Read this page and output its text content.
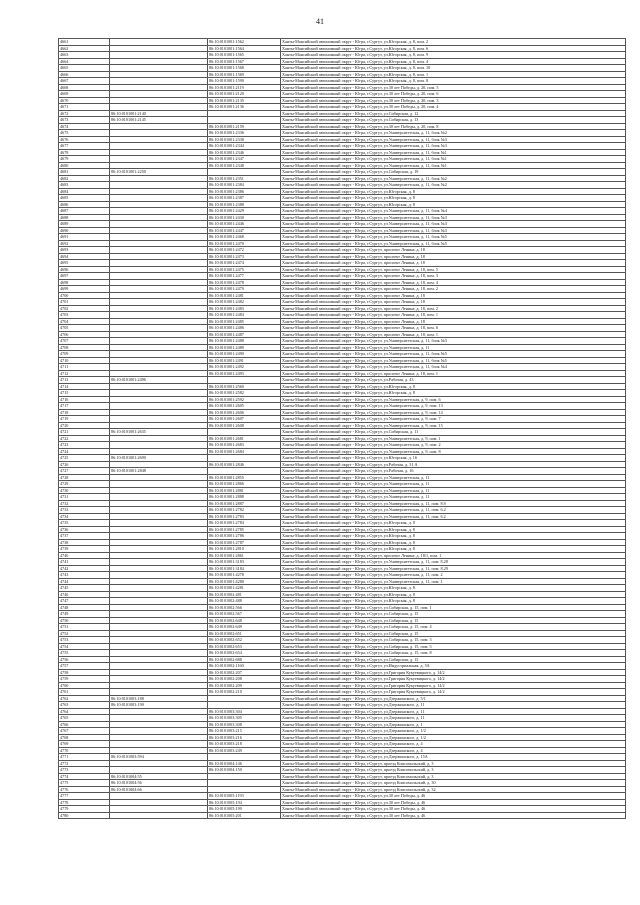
41
4661		86:10:0101001:1562	Ханты-Мансийский автономный округ - Югра, г.Сургут, ул.Югорская, д. 8, пом. 2
4662		86:10:0101001:1564	Ханты-Мансийский автономный округ - Югра, г.Сургут, ул.Югорская, д. 8, пом. 6
4663		86:10:0101001:1565	Ханты-Мансийский автономный округ - Югра, г.Сургут, ул.Югорская, д. 8, пом. 9
4664		86:10:0101001:1567	Ханты-Мансийский автономный округ - Югра, г.Сургут, ул.Югорская, д. 8, пом. 4
4665		86:10:0101001:1568	Ханты-Мансийский автономный округ - Югра, г.Сургут, ул.Югорская, д. 8, пом. 10
4666		86:10:0101001:1569	Ханты-Мансийский автономный округ - Югра, г.Сургут, ул.Югорская, д. 8, пом. 1
4667		86:10:0101001:1590	Ханты-Мансийский автономный округ - Югра, г.Сургут, ул.Югорская, д. 8, пом. 8
4668		86:10:0101001:2119	Ханты-Мансийский автономный округ - Югра, г.Сургут, ул.30 лет Победы, д. 20, пом. 5
4669		86:10:0101001:2120	Ханты-Мансийский автономный округ - Югра, г.Сургут, ул.30 лет Победы, д. 20, пом. 6
4670		86:10:0101001:2135	Ханты-Мансийский автономный округ - Югра, г.Сургут, ул.30 лет Победы, д. 20, пом. 3
4671		86:10:0101001:2136	Ханты-Мансийский автономный округ - Югра, г.Сургут, ул.30 лет Победы, д. 20, пом. 4
4672	86:10:0101001:2140		Ханты-Мансийский автономный округ - Югра, г.Сургут, ул.Сибирская, д. 12
4673	86:10:0101001:2145		Ханты-Мансийский автономный округ - Югра, г.Сургут, ул.Сибирская, д. 13
4674		86:10:0101001:2159	Ханты-Мансийский автономный округ - Югра, г.Сургут, ул.30 лет Победы, д. 20, пом. 8
4675		86:10:0101001:2336	Ханты-Мансийский автономный округ - Югра, г.Сургут, ул.Университетская, д. 11, блок №2
4676		86:10:0101001:2338	Ханты-Мансийский автономный округ - Югра, г.Сургут, ул.Университетская, д. 11, блок №3
4677		86:10:0101001:2344	Ханты-Мансийский автономный округ - Югра, г.Сургут, ул.Университетская, д. 11, блок №3
4678		86:10:0101001:2346	Ханты-Мансийский автономный округ - Югра, г.Сургут, ул.Университетская, д. 11, блок №1
4679		86:10:0101001:2347	Ханты-Мансийский автономный округ - Югра, г.Сургут, ул.Университетская, д. 11, блок №1
4680		86:10:0101001:2348	Ханты-Мансийский автономный округ - Югра, г.Сургут, ул.Университетская, д. 11, блок №1
4681	86:10:0101001:2250		Ханты-Мансийский автономный округ - Югра, г.Сургут, ул.Сибирская, д. 19
4682		86:10:0101001:2351	Ханты-Мансийский автономный округ - Югра, г.Сургут, ул.Университетская, д. 11, блок №2
4683		86:10:0101001:2384	Ханты-Мансийский автономный округ - Югра, г.Сургут, ул.Университетская, д. 11, блок №2
4684		86:10:0101001:2386	Ханты-Мансийский автономный округ - Югра, г.Сургут, ул.Югорская, д. 8
4685		86:10:0101001:2387	Ханты-Мансийский автономный округ - Югра, г.Сургут, ул.Югорская, д. 8
4686		86:10:0101001:2388	Ханты-Мансийский автономный округ - Югра, г.Сургут, ул.Югорская, д. 8
4687		86:10:0101001:2429	Ханты-Мансийский автономный округ - Югра, г.Сургут, ул.Университетская, д. 11, блок №4
4688		86:10:0101001:2430	Ханты-Мансийский автономный округ - Югра, г.Сургут, ул.Университетская, д. 11, блок №3
4689		86:10:0101001:2446	Ханты-Мансийский автономный округ - Югра, г.Сургут, ул.Университетская, д. 11, блок №3
4690		86:10:0101001:2447	Ханты-Мансийский автономный округ - Югра, г.Сургут, ул.Университетская, д. 11, блок №3
4691		86:10:0101001:2468	Ханты-Мансийский автономный округ - Югра, г.Сургут, ул.Университетская, д. 11, блок №5
4692		86:10:0101001:2470	Ханты-Мансийский автономный округ - Югра, г.Сургут, ул.Университетская, д. 11, блок №5
4693		86:10:0101001:2472	Ханты-Мансийский автономный округ - Югра, г.Сургут, проспект Ленина, д. 18
4694		86:10:0101001:2473	Ханты-Мансийский автономный округ - Югра, г.Сургут, проспект Ленина, д. 18
4695		86:10:0101001:2474	Ханты-Мансийский автономный округ - Югра, г.Сургут, проспект Ленина, д. 18
4696		86:10:0101001:2475	Ханты-Мансийский автономный округ - Югра, г.Сургут, проспект Ленина, д. 18, пом. 5
4697		86:10:0101001:2477	Ханты-Мансийский автономный округ - Югра, г.Сургут, проспект Ленина, д. 18, пом. 3
4698		86:10:0101001:2478	Ханты-Мансийский автономный округ - Югра, г.Сургут, проспект Ленина, д. 18, пом. 4
4699		86:10:0101001:2479	Ханты-Мансийский автономный округ - Югра, г.Сургут, проспект Ленина, д. 18, пом. 2
4700		86:10:0101001:2481	Ханты-Мансийский автономный округ - Югра, г.Сургут, проспект Ленина, д. 18
4701		86:10:0101001:2482	Ханты-Мансийский автономный округ - Югра, г.Сургут, проспект Ленина, д. 18
4702		86:10:0101001:2483	Ханты-Мансийский автономный округ - Югра, г.Сургут, проспект Ленина, д. 18, пом. 2
4703		86:10:0101001:2484	Ханты-Мансийский автономный округ - Югра, г.Сургут, проспект Ленина, д. 18, пом. 1
4704		86:10:0101001:2485	Ханты-Мансийский автономный округ - Югра, г.Сургут, проспект Ленина, д. 18
4705		86:10:0101001:2486	Ханты-Мансийский автономный округ - Югра, г.Сургут, проспект Ленина, д. 18, пом. 6
4706		86:10:0101001:2487	Ханты-Мансийский автономный округ - Югра, г.Сургут, проспект Ленина, д. 18, пом. 1
4707		86:10:0101001:2488	Ханты-Мансийский автономный округ - Югра, г.Сургут, ул.Университетская, д. 11, блок №3
4708		86:10:0101001:2489	Ханты-Мансийский автономный округ - Югра, г.Сургут, ул.Университетская, д. 11
4709		86:10:0101001:2490	Ханты-Мансийский автономный округ - Югра, г.Сургут, ул.Университетская, д. 11, блок №5
4710		86:10:0101001:2491	Ханты-Мансийский автономный округ - Югра, г.Сургут, ул.Университетская, д. 11, блок №5
4711		86:10:0101001:2492	Ханты-Мансийский автономный округ - Югра, г.Сургут, ул.Университетская, д. 11, блок №4
4712		86:10:0101001:2493	Ханты-Мансийский автономный округ - Югра, г.Сургут, проспект Ленина, д. 18, пом. 1
4713	86:10:0101001:2496		Ханты-Мансийский автономный округ - Югра, г.Сургут, ул.Рабочая, д. 43
4714		86:10:0101001:2560	Ханты-Мансийский автономный округ - Югра, г.Сургут, ул.Югорская, д. 8
4715		86:10:0101001:2582	Ханты-Мансийский автономный округ - Югра, г.Сургут, ул.Югорская, д. 8
4716		86:10:0101001:2592	Ханты-Мансийский автономный округ - Югра, г.Сургут, ул.Университетская, д. 9, пом. 6
4717		86:10:0101001:2605	Ханты-Мансийский автономный округ - Югра, г.Сургут, ул.Университетская, д. 9, пом. 13
4718		86:10:0101001:2606	Ханты-Мансийский автономный округ - Югра, г.Сургут, ул.Университетская, д. 9, пом. 14
4719		86:10:0101001:2607	Ханты-Мансийский автономный округ - Югра, г.Сургут, ул.Университетская, д. 9, пом. 7
4720		86:10:0101001:2608	Ханты-Мансийский автономный округ - Югра, г.Сургут, ул.Университетская, д. 9, пом. 15
4721	86:10:0101001:2635		Ханты-Мансийский автономный округ - Югра, г.Сургут, ул.Сибирская, д. 11
4722		86:10:0101001:2681	Ханты-Мансийский автономный округ - Югра, г.Сургут, ул.Университетская, д. 9, пом. 1
4723		86:10:0101001:2683	Ханты-Мансийский автономный округ - Югра, г.Сургут, ул.Университетская, д. 9, пом. 2
4724		86:10:0101001:2684	Ханты-Мансийский автономный округ - Югра, г.Сургут, ул.Университетская, д. 9, пом. 8
4725	86:10:0101001:2690		Ханты-Мансийский автономный округ - Югра, г.Сургут, ул.Югорская, д. 16
4726		86:10:0101001:2846	Ханты-Мансийский автономный округ - Югра, г.Сургут, ул.Рабочая, д. 31 А
4727	86:10:0101001:2848		Ханты-Мансийский автономный округ - Югра, г.Сургут, ул.Рабочая, д. 16
4728		86:10:0101001:2855	Ханты-Мансийский автономный округ - Югра, г.Сургут, ул.Университетская, д. 11
4729		86:10:0101001:2866	Ханты-Мансийский автономный округ - Югра, г.Сургут, ул.Университетская, д. 11
4730		86:10:0101001:2881	Ханты-Мансийский автономный округ - Югра, г.Сургут, ул.Университетская, д. 11
4731		86:10:0101001:2888	Ханты-Мансийский автономный округ - Югра, г.Сургут, ул.Университетская, д. 11
4732		86:10:0101001:2887	Ханты-Мансийский автономный округ - Югра, г.Сургут, ул.Университетская, д. 11, пом. 8.9
4733		86:10:0101001:2782	Ханты-Мансийский автономный округ - Югра, г.Сургут, ул.Университетская, д. 11, пом. 6.2
4734		86:10:0101001:2783	Ханты-Мансийский автономный округ - Югра, г.Сургут, ул.Университетская, д. 11, пом. 6.2
4735		86:10:0101001:2784	Ханты-Мансийский автономный округ - Югра, г.Сургут, ул.Югорская, д. 8
4736		86:10:0101001:2785	Ханты-Мансийский автономный округ - Югра, г.Сургут, ул.Югорская, д. 8
4737		86:10:0101001:2786	Ханты-Мансийский автономный округ - Югра, г.Сургут, ул.Югорская, д. 8
4738		86:10:0101001:2787	Ханты-Мансийский автономный округ - Югра, г.Сургут, ул.Югорская, д. 8
4739		86:10:0101001:2810	Ханты-Мансийский автономный округ - Югра, г.Сургут, ул.Югорская, д. 8
4740		86:10:0101001:2861	Ханты-Мансийский автономный округ - Югра, г.Сургут, проспект Ленина, д. 18/1, пом. 1
4741		86:10:0101001:3183	Ханты-Мансийский автономный округ - Югра, г.Сургут, ул.Университетская, д. 11, пом. 8.28
4742		86:10:0101001:3184	Ханты-Мансийский автономный округ - Югра, г.Сургут, ул.Университетская, д. 11, пом. 8.29
4743		86:10:0101001:4278	Ханты-Мансийский автономный округ - Югра, г.Сургут, ул.Университетская, д. 11, пом. 2
4744		86:10:0101001:4280	Ханты-Мансийский автономный округ - Югра, г.Сургут, ул.Университетская, д. 11, пом. 1
4745		86:10:0101001:4281	Ханты-Мансийский автономный округ - Югра, г.Сургут, ул.Югорская, д. 8
4746		86:10:0101002:481	Ханты-Мансийский автономный округ - Югра, г.Сургут, ул.Югорская, д. 8
4747		86:10:0101002:488	Ханты-Мансийский автономный округ - Югра, г.Сургут, ул.Югорская, д. 8
4748		86:10:0101002:566	Ханты-Мансийский автономный округ - Югра, г.Сургут, ул.Сибирская, д. 15, пом. 1
4749		86:10:0101002:567	Ханты-Мансийский автономный округ - Югра, г.Сургут, ул.Сибирская, д. 15
4750		86:10:0101002:648	Ханты-Мансийский автономный округ - Югра, г.Сургут, ул.Сибирская, д. 15
4751		86:10:0101002:649	Ханты-Мансийский автономный округ - Югра, г.Сургут, ул.Сибирская, д. 15, пом. 4
4752		86:10:0101002:651	Ханты-Мансийский автономный округ - Югра, г.Сургут, ул.Сибирская, д. 15
4753		86:10:0101002:652	Ханты-Мансийский автономный округ - Югра, г.Сургут, ул.Сибирская, д. 15, пом. 3
4754		86:10:0101002:653	Ханты-Мансийский автономный округ - Югра, г.Сургут, ул.Сибирская, д. 15, пом. 5
4755		86:10:0101002:654	Ханты-Мансийский автономный округ - Югра, г.Сургут, ул.Сибирская, д. 15, пом. 8
4756		86:10:0101002:688	Ханты-Мансийский автономный округ - Югра, г.Сургут, ул.Сибирская, д. 15
4757		86:10:0101002:1160	Ханты-Мансийский автономный округ - Югра, г.Сургут, ул.Индустриальная, д. 5А
4758		86:10:0101002:207	Ханты-Мансийский автономный округ - Югра, г.Сургут, ул.Григория Кукуевицкого, д. 14/2
4759		86:10:0101002:208	Ханты-Мансийский автономный округ - Югра, г.Сургут, ул.Григория Кукуевицкого, д. 14/2
4760		86:10:0101002:209	Ханты-Мансийский автономный округ - Югра, г.Сургут, ул.Григория Кукуевицкого, д. 14/2
4761		86:10:0101002:210	Ханты-Мансийский автономный округ - Югра, г.Сургут, ул.Григория Кукуевицкого, д. 14/2
4762	86:10:0101003:188		Ханты-Мансийский автономный округ - Югра, г.Сургут, ул.Дзержинского, д. 5/1
4763	86:10:0101003:190		Ханты-Мансийский автономный округ - Югра, г.Сургут, ул.Дзержинского, д. 11
4764		86:10:0101003:304	Ханты-Мансийский автономный округ - Югра, г.Сургут, ул.Дзержинского, д. 11
4765		86:10:0101003:305	Ханты-Мансийский автономный округ - Югра, г.Сургут, ул.Дзержинского, д. 11
4766		86:10:0101003:308	Ханты-Мансийский автономный округ - Югра, г.Сургут, ул.Дзержинского, д. 1
4767		86:10:0101003:215	Ханты-Мансийский автономный округ - Югра, г.Сургут, ул.Дзержинского, д. 1/2
4768		86:10:0101003:216	Ханты-Мансийский автономный округ - Югра, г.Сургут, ул.Дзержинского, д. 1/2
4769		86:10:0101003:218	Ханты-Мансийский автономный округ - Югра, г.Сургут, ул.Дзержинского, д. 4
4770		86:10:0101003:249	Ханты-Мансийский автономный округ - Югра, г.Сургут, ул.Дзержинского, д. 4
4771	86:10:0101003:594		Ханты-Мансийский автономный округ - Югра, г.Сургут, ул.Дзержинского, д. 15А
4772		86:10:0101004:146	Ханты-Мансийский автономный округ - Югра, г.Сургут, проезд Комсомольский, д. 3
4773		86:10:0101004:150	Ханты-Мансийский автономный округ - Югра, г.Сургут, проезд Комсомольский, д. 3
4774	86:10:0101004:55		Ханты-Мансийский автономный округ - Югра, г.Сургут, проезд Комсомольский, д. 3
4775	86:10:0101004:56		Ханты-Мансийский автономный округ - Югра, г.Сургут, проезд Комсомольский, д. 30
4776	86:10:0101004:66		Ханты-Мансийский автономный округ - Югра, г.Сургут, проезд Комсомольский, д. 32
4777		86:10:0101005:1193	Ханты-Мансийский автономный округ - Югра, г.Сургут, ул.30 лет Победы, д. 46
4778		86:10:0101005:194	Ханты-Мансийский автономный округ - Югра, г.Сургут, ул.30 лет Победы, д. 46
4779		86:10:0101005:199	Ханты-Мансийский автономный округ - Югра, г.Сургут, ул.30 лет Победы, д. 46
4780		86:10:0101005:201	Ханты-Мансийский автономный округ - Югра, г.Сургут, ул.30 лет Победы, д. 46
